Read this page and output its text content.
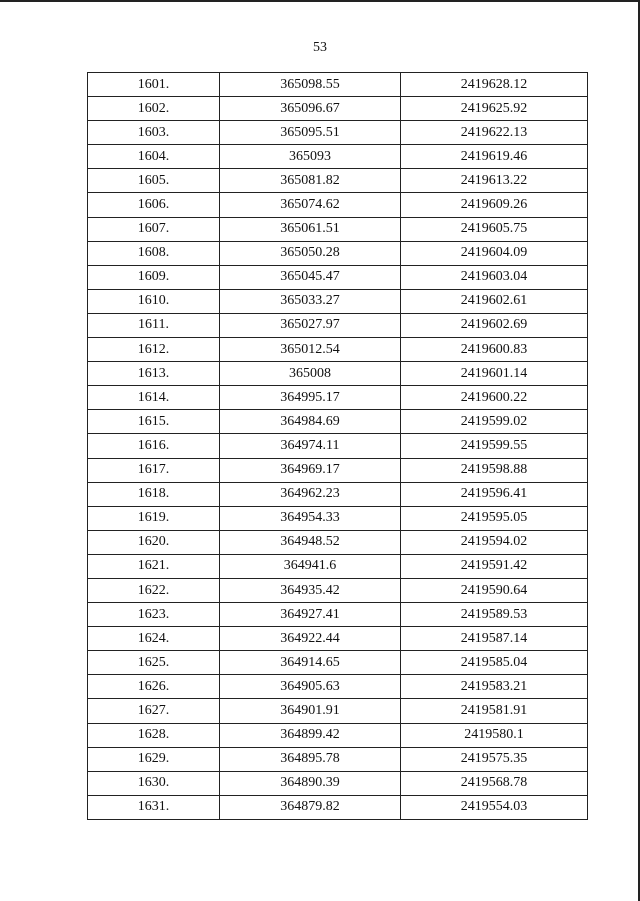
53
1601.	365098.55	2419628.12
1602.	365096.67	2419625.92
1603.	365095.51	2419622.13
1604.	365093	2419619.46
1605.	365081.82	2419613.22
1606.	365074.62	2419609.26
1607.	365061.51	2419605.75
1608.	365050.28	2419604.09
1609.	365045.47	2419603.04
1610.	365033.27	2419602.61
1611.	365027.97	2419602.69
1612.	365012.54	2419600.83
1613.	365008	2419601.14
1614.	364995.17	2419600.22
1615.	364984.69	2419599.02
1616.	364974.11	2419599.55
1617.	364969.17	2419598.88
1618.	364962.23	2419596.41
1619.	364954.33	2419595.05
1620.	364948.52	2419594.02
1621.	364941.6	2419591.42
1622.	364935.42	2419590.64
1623.	364927.41	2419589.53
1624.	364922.44	2419587.14
1625.	364914.65	2419585.04
1626.	364905.63	2419583.21
1627.	364901.91	2419581.91
1628.	364899.42	2419580.1
1629.	364895.78	2419575.35
1630.	364890.39	2419568.78
1631.	364879.82	2419554.03
